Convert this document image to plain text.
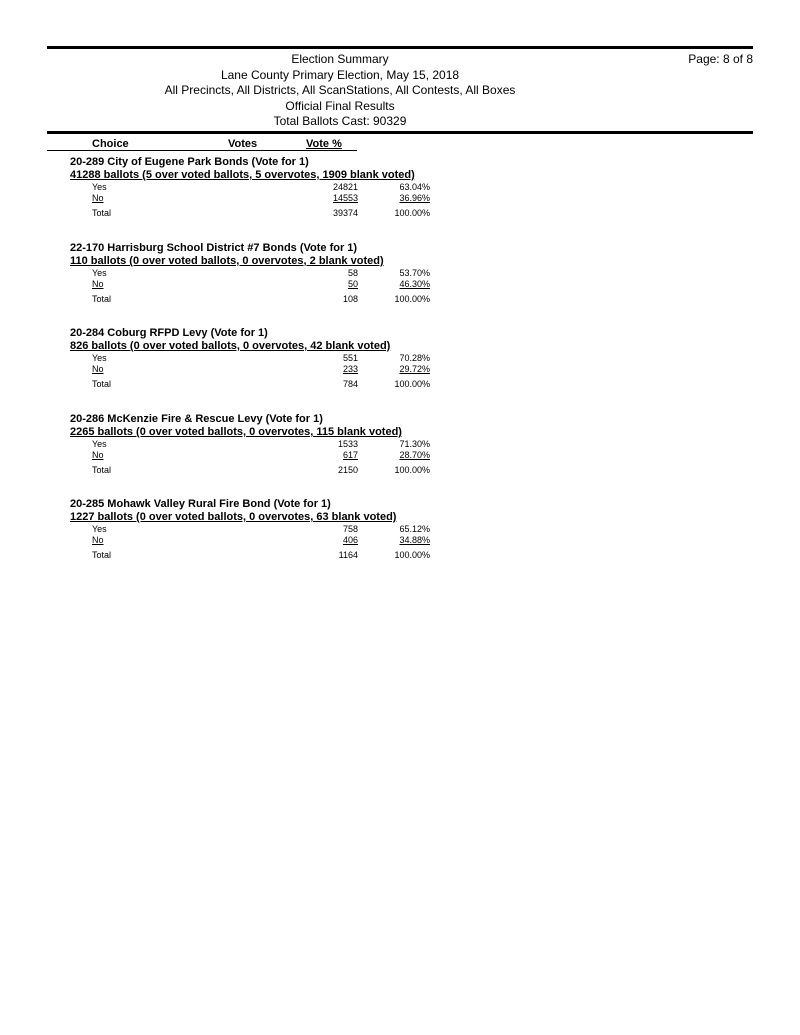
Election Summary
Lane County Primary Election, May 15, 2018
All Precincts, All Districts, All ScanStations, All Contests, All Boxes
Official Final Results
Total Ballots Cast: 90329
Page: 8 of 8
Choice	Votes	Vote %
20-289 City of Eugene Park Bonds (Vote for 1)
41288 ballots (5 over voted ballots, 5 overvotes, 1909 blank voted)
Yes	24821	63.04%
No	14553	36.96%
Total	39374	100.00%
22-170 Harrisburg School District #7 Bonds (Vote for 1)
110 ballots (0 over voted ballots, 0 overvotes, 2 blank voted)
Yes	58	53.70%
No	50	46.30%
Total	108	100.00%
20-284 Coburg RFPD Levy (Vote for 1)
826 ballots (0 over voted ballots, 0 overvotes, 42 blank voted)
Yes	551	70.28%
No	233	29.72%
Total	784	100.00%
20-286 McKenzie Fire & Rescue Levy (Vote for 1)
2265 ballots (0 over voted ballots, 0 overvotes, 115 blank voted)
Yes	1533	71.30%
No	617	28.70%
Total	2150	100.00%
20-285 Mohawk Valley Rural Fire Bond (Vote for 1)
1227 ballots (0 over voted ballots, 0 overvotes, 63 blank voted)
Yes	758	65.12%
No	406	34.88%
Total	1164	100.00%
